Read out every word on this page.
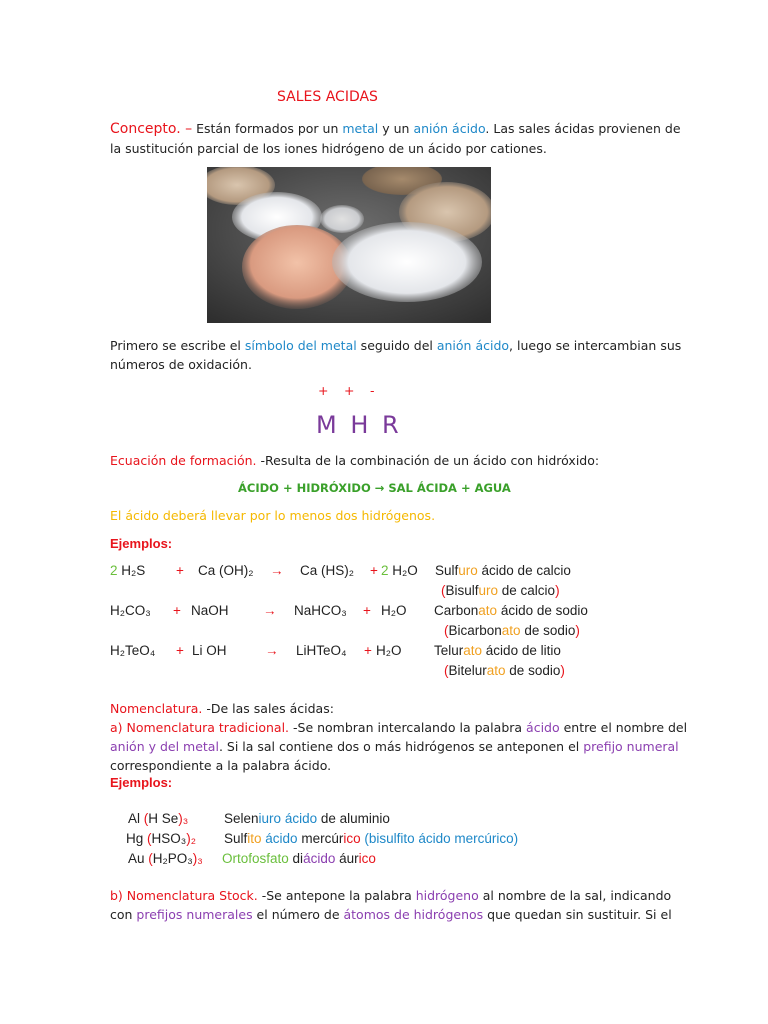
SALES ACIDAS
Concepto. – Están formados por un metal y un anión ácido. Las sales ácidas provienen de
la sustitución parcial de los iones hidrógeno de un ácido por cationes.
Primero se escribe el símbolo del metal seguido del anión ácido, luego se intercambian sus
números de oxidación.
+ + -
M H R
Ecuación de formación. -Resulta de la combinación de un ácido con hidróxido:
ÁCIDO + HIDRÓXIDO → SAL ÁCIDA + AGUA
El ácido deberá llevar por lo menos dos hidrógenos.
Ejemplos:
2 H₂S + Ca (OH)₂ → Ca (HS)₂ + 2 H₂O Sulfuro ácido de calcio
(Bisulfuro de calcio)
H₂CO₃ + NaOH	→ NaHCO₃ + H₂O Carbonato ácido de sodio
(Bicarbonato de sodio)
H₂TeO₄ + Li OH	→ LiHTeO₄ + H₂O Telurato ácido de litio
(Bitelurato de sodio)
Nomenclatura. -De las sales ácidas:
a) Nomenclatura tradicional. -Se nombran intercalando la palabra ácido entre el nombre del
anión y del metal. Si la sal contiene dos o más hidrógenos se anteponen el prefijo numeral
correspondiente a la palabra ácido.
Ejemplos:
Al (H Se)₃	Seleniuro ácido de aluminio
Hg (HSO₃)₂ Sulfito ácido mercúrico (bisulfito ácido mercúrico)
Au (H₂PO₃)₃ Ortofosfato diácido áurico
b) Nomenclatura Stock. -Se antepone la palabra hidrógeno al nombre de la sal, indicando
con prefijos numerales el número de átomos de hidrógenos que quedan sin sustituir. Si el
